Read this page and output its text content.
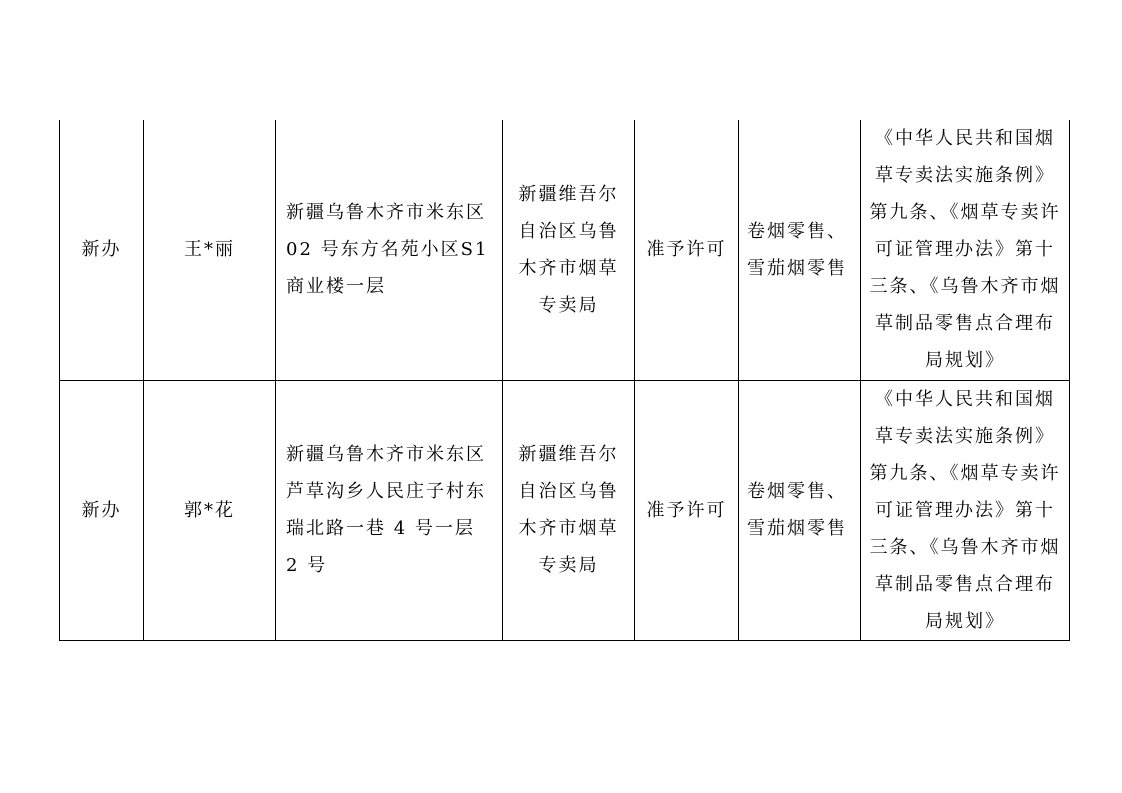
新办	王*丽	新疆乌鲁木齐市米东区 02 号东方名苑小区S1 商业楼一层	新疆维吾尔自治区乌鲁木齐市烟草专卖局	准予许可	卷烟零售、雪茄烟零售	《中华人民共和国烟草专卖法实施条例》第九条、《烟草专卖许可证管理办法》第十三条、《乌鲁木齐市烟草制品零售点合理布局规划》

新办	郭*花	新疆乌鲁木齐市米东区芦草沟乡人民庄子村东瑞北路一巷 4 号一层 2 号	新疆维吾尔自治区乌鲁木齐市烟草专卖局	准予许可	卷烟零售、雪茄烟零售	《中华人民共和国烟草专卖法实施条例》第九条、《烟草专卖许可证管理办法》第十三条、《乌鲁木齐市烟草制品零售点合理布局规划》
